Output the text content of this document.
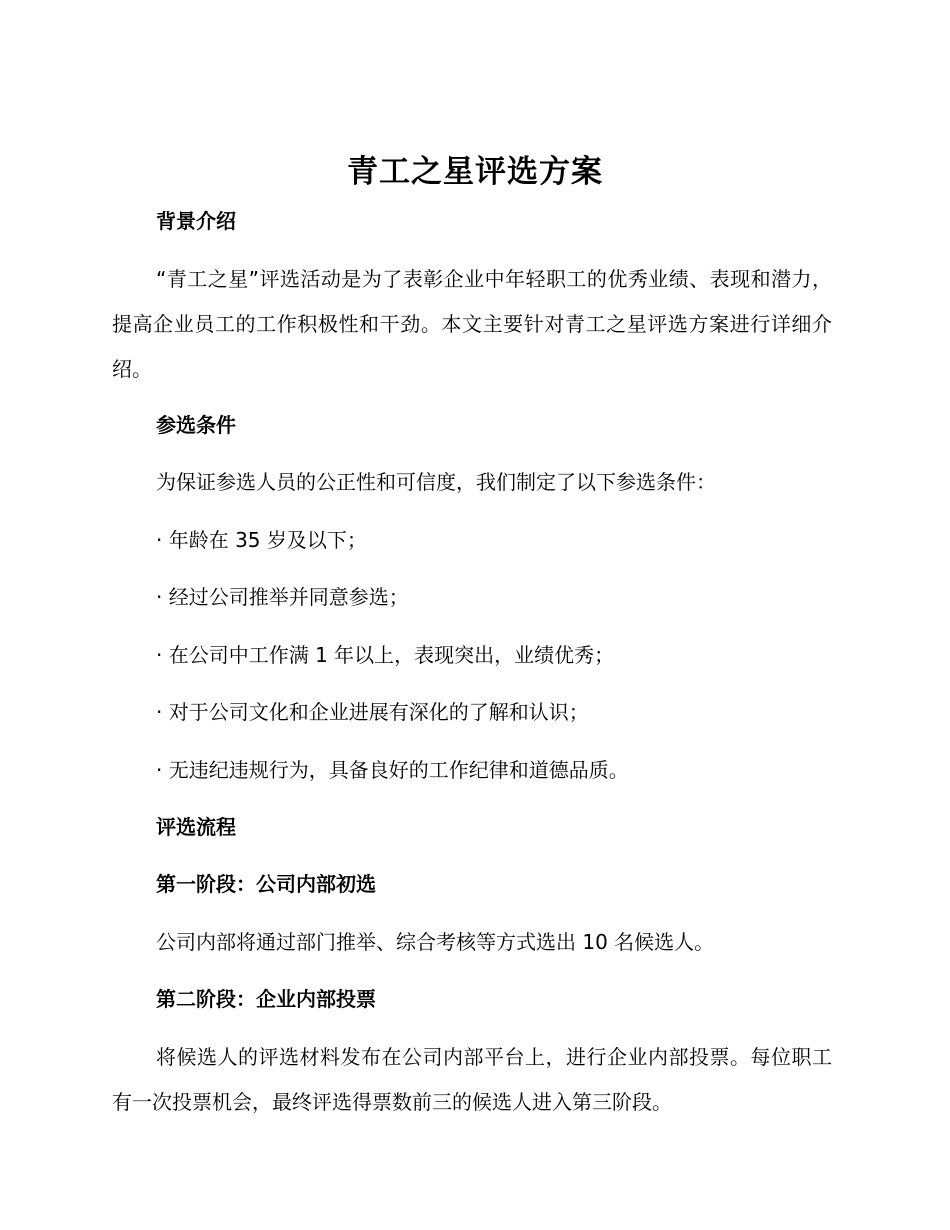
青工之星评选方案
背景介绍
“青工之星”评选活动是为了表彰企业中年轻职工的优秀业绩、表现和潜力，提高企业员工的工作积极性和干劲。本文主要针对青工之星评选方案进行详细介绍。
参选条件
为保证参选人员的公正性和可信度，我们制定了以下参选条件：
· 年龄在 35 岁及以下；
· 经过公司推举并同意参选；
· 在公司中工作满 1 年以上，表现突出，业绩优秀；
· 对于公司文化和企业进展有深化的了解和认识；
· 无违纪违规行为，具备良好的工作纪律和道德品质。
评选流程
第一阶段：公司内部初选
公司内部将通过部门推举、综合考核等方式选出 10 名候选人。
第二阶段：企业内部投票
将候选人的评选材料发布在公司内部平台上，进行企业内部投票。每位职工有一次投票机会，最终评选得票数前三的候选人进入第三阶段。
